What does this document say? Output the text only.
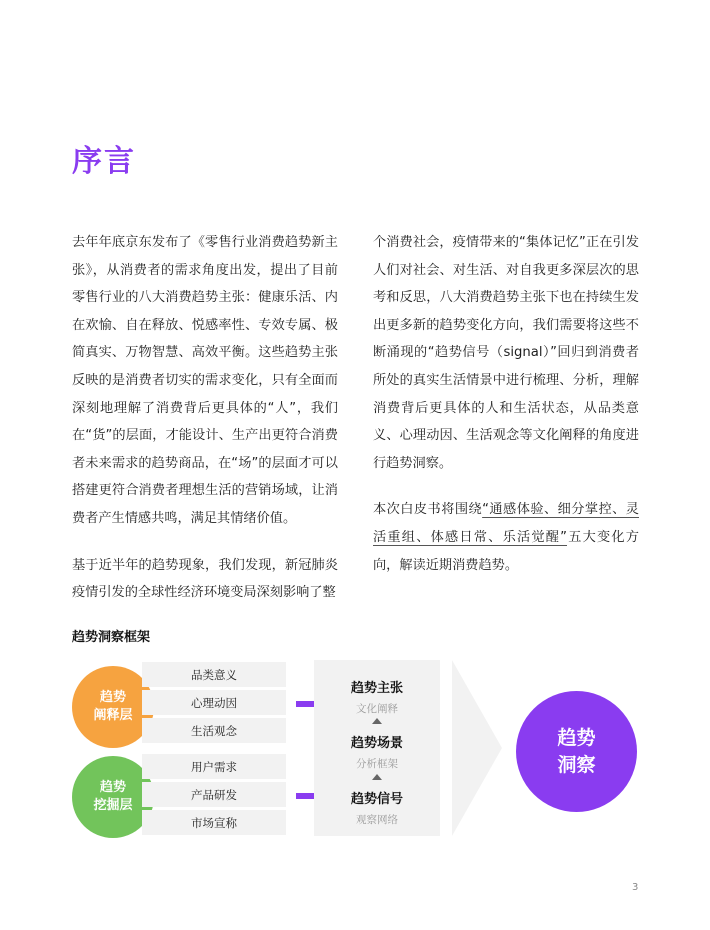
序言

去年年底京东发布了《零售行业消费趋势新主张》，从消费者的需求角度出发，提出了目前零售行业的八大消费趋势主张：健康乐活、内在欢愉、自在释放、悦感率性、专效专属、极简真实、万物智慧、高效平衡。这些趋势主张反映的是消费者切实的需求变化，只有全面而深刻地理解了消费背后更具体的“人”，我们在“货”的层面，才能设计、生产出更符合消费者未来需求的趋势商品，在“场”的层面才可以搭建更符合消费者理想生活的营销场域，让消费者产生情感共鸣，满足其情绪价值。

基于近半年的趋势现象，我们发现，新冠肺炎疫情引发的全球性经济环境变局深刻影响了整

个消费社会，疫情带来的“集体记忆”正在引发人们对社会、对生活、对自我更多深层次的思考和反思，八大消费趋势主张下也在持续生发出更多新的趋势变化方向，我们需要将这些不断涌现的“趋势信号（signal）”回归到消费者所处的真实生活情景中进行梳理、分析，理解消费背后更具体的人和生活状态，从品类意义、心理动因、生活观念等文化阐释的角度进行趋势洞察。

本次白皮书将围绕“通感体验、细分掌控、灵活重组、体感日常、乐活觉醒”五大变化方向，解读近期消费趋势。

趋势洞察框架
趋势
阐释层
趋势
挖掘层
品类意义
心理动因
生活观念
用户需求
产品研发
市场宣称
趋势主张
文化阐释
趋势场景
分析框架
趋势信号
观察网络
趋势
洞察
3
